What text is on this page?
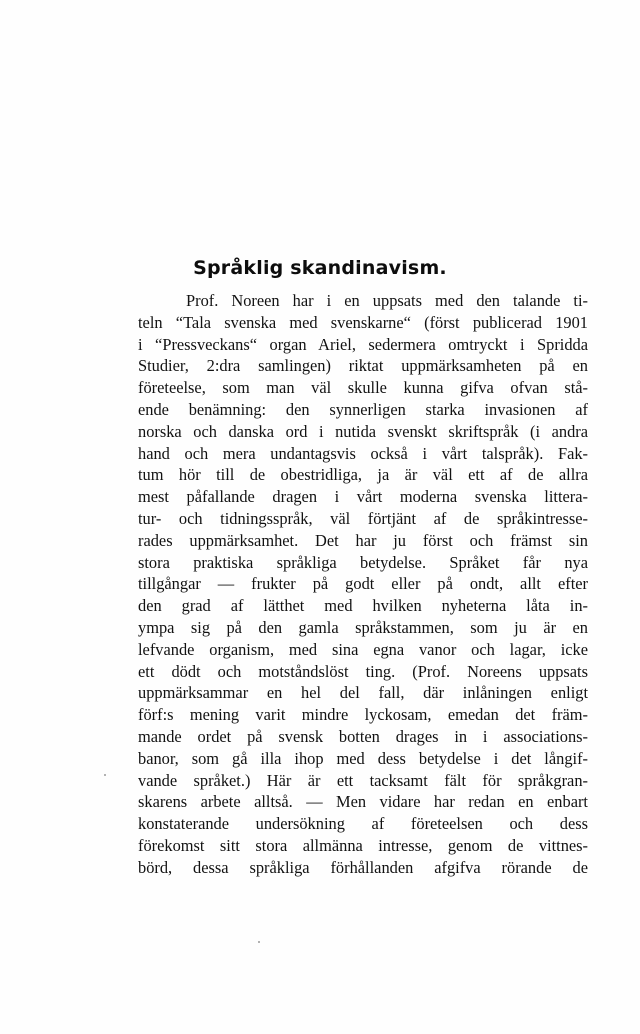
Språklig skandinavism.
Prof. Noreen har i en uppsats med den talande ti-
teln “Tala svenska med svenskarne“ (först publicerad 1901
i “Pressveckans“ organ Ariel, sedermera omtryckt i Spridda
Studier, 2:dra samlingen) riktat uppmärksamheten på en
företeelse, som man väl skulle kunna gifva ofvan stå-
ende benämning: den synnerligen starka invasionen af
norska och danska ord i nutida svenskt skriftspråk (i andra
hand och mera undantagsvis också i vårt talspråk). Fak-
tum hör till de obestridliga, ja är väl ett af de allra
mest påfallande dragen i vårt moderna svenska littera-
tur- och tidningsspråk, väl förtjänt af de språkintresse-
rades uppmärksamhet. Det har ju först och främst sin
stora praktiska språkliga betydelse. Språket får nya
tillgångar — frukter på godt eller på ondt, allt efter
den grad af lätthet med hvilken nyheterna låta in-
ympa sig på den gamla språkstammen, som ju är en
lefvande organism, med sina egna vanor och lagar, icke
ett dödt och motståndslöst ting. (Prof. Noreens uppsats
uppmärksammar en hel del fall, där inlåningen enligt
förf:s mening varit mindre lyckosam, emedan det främ-
mande ordet på svensk botten drages in i associations-
banor, som gå illa ihop med dess betydelse i det långif-
vande språket.) Här är ett tacksamt fält för språkgran-
skarens arbete alltså. — Men vidare har redan en enbart
konstaterande undersökning af företeelsen och dess
förekomst sitt stora allmänna intresse, genom de vittnes-
börd, dessa språkliga förhållanden afgifva rörande de
